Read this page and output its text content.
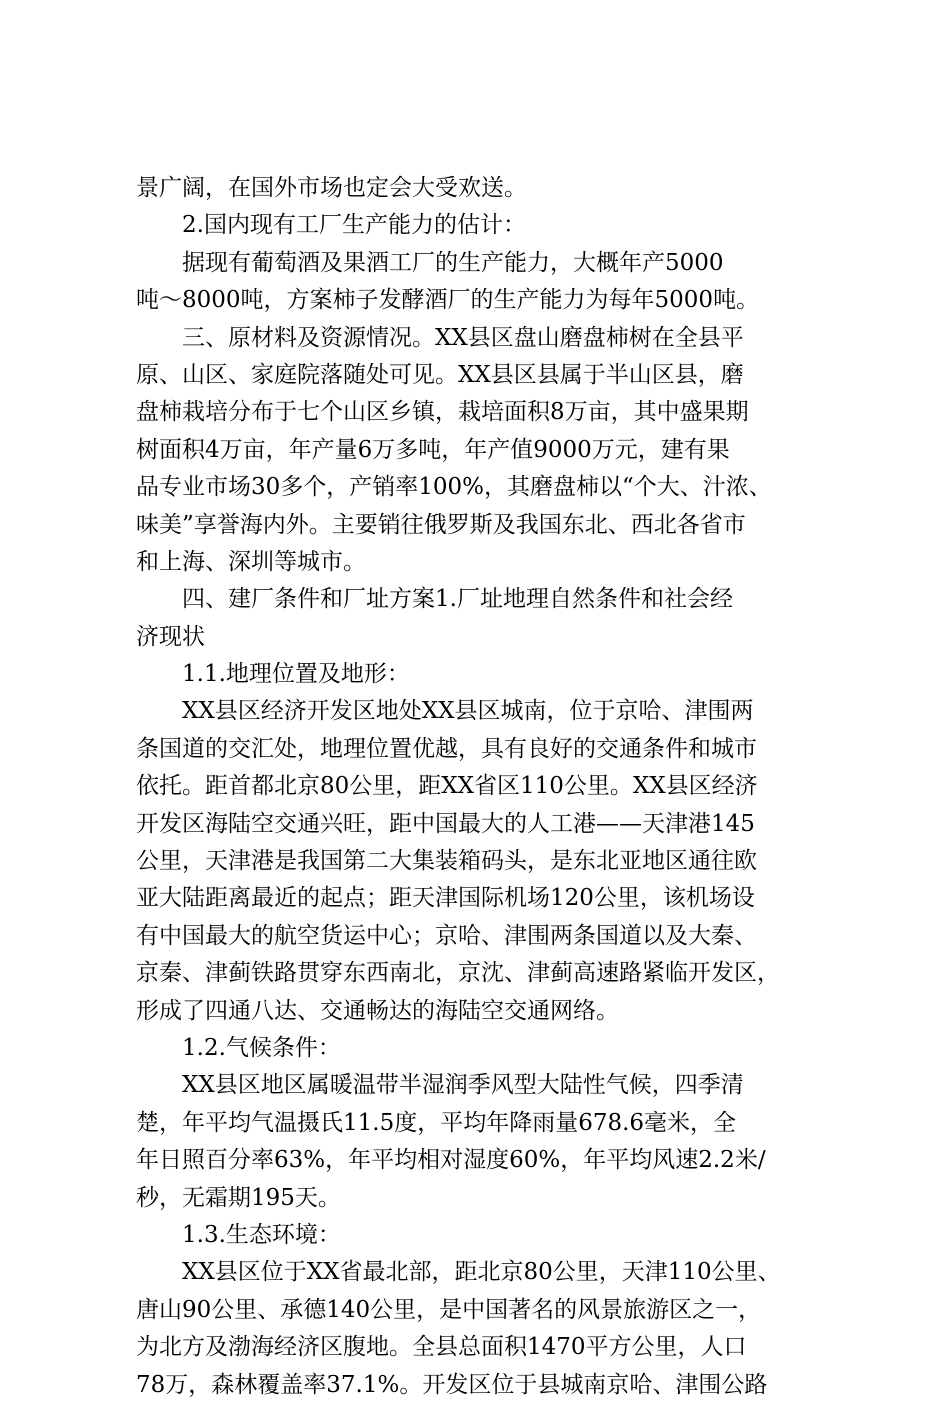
景广阔，在国外市场也定会大受欢送。
2.国内现有工厂生产能力的估计：
据现有葡萄酒及果酒工厂的生产能力，大概年产5000
吨～8000吨，方案柿子发酵酒厂的生产能力为每年5000吨。
三、原材料及资源情况。XX县区盘山磨盘柿树在全县平
原、山区、家庭院落随处可见。XX县区县属于半山区县，磨
盘柿栽培分布于七个山区乡镇，栽培面积8万亩，其中盛果期
树面积4万亩，年产量6万多吨，年产值9000万元，建有果
品专业市场30多个，产销率100%，其磨盘柿以“个大、汁浓、
味美”享誉海内外。主要销往俄罗斯及我国东北、西北各省市
和上海、深圳等城市。
四、建厂条件和厂址方案1.厂址地理自然条件和社会经
济现状
1.1.地理位置及地形：
XX县区经济开发区地处XX县区城南，位于京哈、津围两
条国道的交汇处，地理位置优越，具有良好的交通条件和城市
依托。距首都北京80公里，距XX省区110公里。XX县区经济
开发区海陆空交通兴旺，距中国最大的人工港——天津港145
公里，天津港是我国第二大集装箱码头，是东北亚地区通往欧
亚大陆距离最近的起点；距天津国际机场120公里，该机场设
有中国最大的航空货运中心；京哈、津围两条国道以及大秦、
京秦、津蓟铁路贯穿东西南北，京沈、津蓟高速路紧临开发区，
形成了四通八达、交通畅达的海陆空交通网络。
1.2.气候条件：
XX县区地区属暖温带半湿润季风型大陆性气候，四季清
楚，年平均气温摄氏11.5度，平均年降雨量678.6毫米，全
年日照百分率63%，年平均相对湿度60%，年平均风速2.2米/
秒，无霜期195天。
1.3.生态环境：
XX县区位于XX省最北部，距北京80公里，天津110公里、
唐山90公里、承德140公里，是中国著名的风景旅游区之一，
为北方及渤海经济区腹地。全县总面积1470平方公里，人口
78万，森林覆盖率37.1%。开发区位于县城南京哈、津围公路
